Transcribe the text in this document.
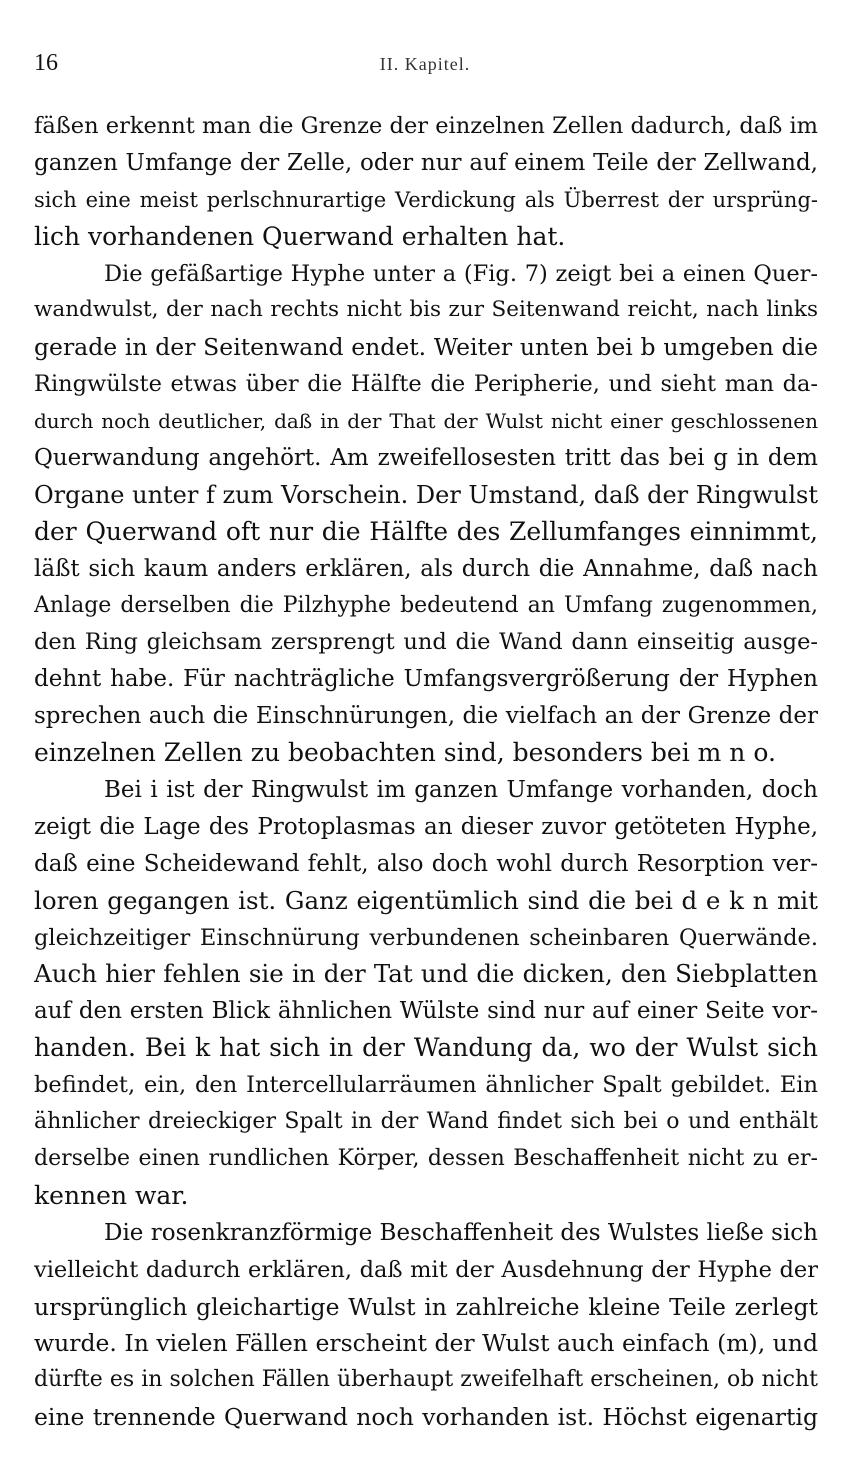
16	II. Kapitel.
fäßen erkennt man die Grenze der einzelnen Zellen dadurch, daß im
ganzen Umfange der Zelle, oder nur auf einem Teile der Zellwand,
sich eine meist perlschnurartige Verdickung als Überrest der ursprüng-
lich vorhandenen Querwand erhalten hat.
Die gefäßartige Hyphe unter a (Fig. 7) zeigt bei a einen Quer-
wandwulst, der nach rechts nicht bis zur Seitenwand reicht, nach links
gerade in der Seitenwand endet. Weiter unten bei b umgeben die
Ringwülste etwas über die Hälfte die Peripherie, und sieht man da-
durch noch deutlicher, daß in der That der Wulst nicht einer geschlossenen
Querwandung angehört. Am zweifellosesten tritt das bei g in dem
Organe unter f zum Vorschein. Der Umstand, daß der Ringwulst
der Querwand oft nur die Hälfte des Zellumfanges einnimmt,
läßt sich kaum anders erklären, als durch die Annahme, daß nach
Anlage derselben die Pilzhyphe bedeutend an Umfang zugenommen,
den Ring gleichsam zersprengt und die Wand dann einseitig ausge-
dehnt habe. Für nachträgliche Umfangsvergrößerung der Hyphen
sprechen auch die Einschnürungen, die vielfach an der Grenze der
einzelnen Zellen zu beobachten sind, besonders bei m n o.
Bei i ist der Ringwulst im ganzen Umfange vorhanden, doch
zeigt die Lage des Protoplasmas an dieser zuvor getöteten Hyphe,
daß eine Scheidewand fehlt, also doch wohl durch Resorption ver-
loren gegangen ist. Ganz eigentümlich sind die bei d e k n mit
gleichzeitiger Einschnürung verbundenen scheinbaren Querwände.
Auch hier fehlen sie in der Tat und die dicken, den Siebplatten
auf den ersten Blick ähnlichen Wülste sind nur auf einer Seite vor-
handen. Bei k hat sich in der Wandung da, wo der Wulst sich
befindet, ein, den Intercellularräumen ähnlicher Spalt gebildet. Ein
ähnlicher dreieckiger Spalt in der Wand findet sich bei o und enthält
derselbe einen rundlichen Körper, dessen Beschaffenheit nicht zu er-
kennen war.
Die rosenkranzförmige Beschaffenheit des Wulstes ließe sich
vielleicht dadurch erklären, daß mit der Ausdehnung der Hyphe der
ursprünglich gleichartige Wulst in zahlreiche kleine Teile zerlegt
wurde. In vielen Fällen erscheint der Wulst auch einfach (m), und
dürfte es in solchen Fällen überhaupt zweifelhaft erscheinen, ob nicht
eine trennende Querwand noch vorhanden ist. Höchst eigenartig
